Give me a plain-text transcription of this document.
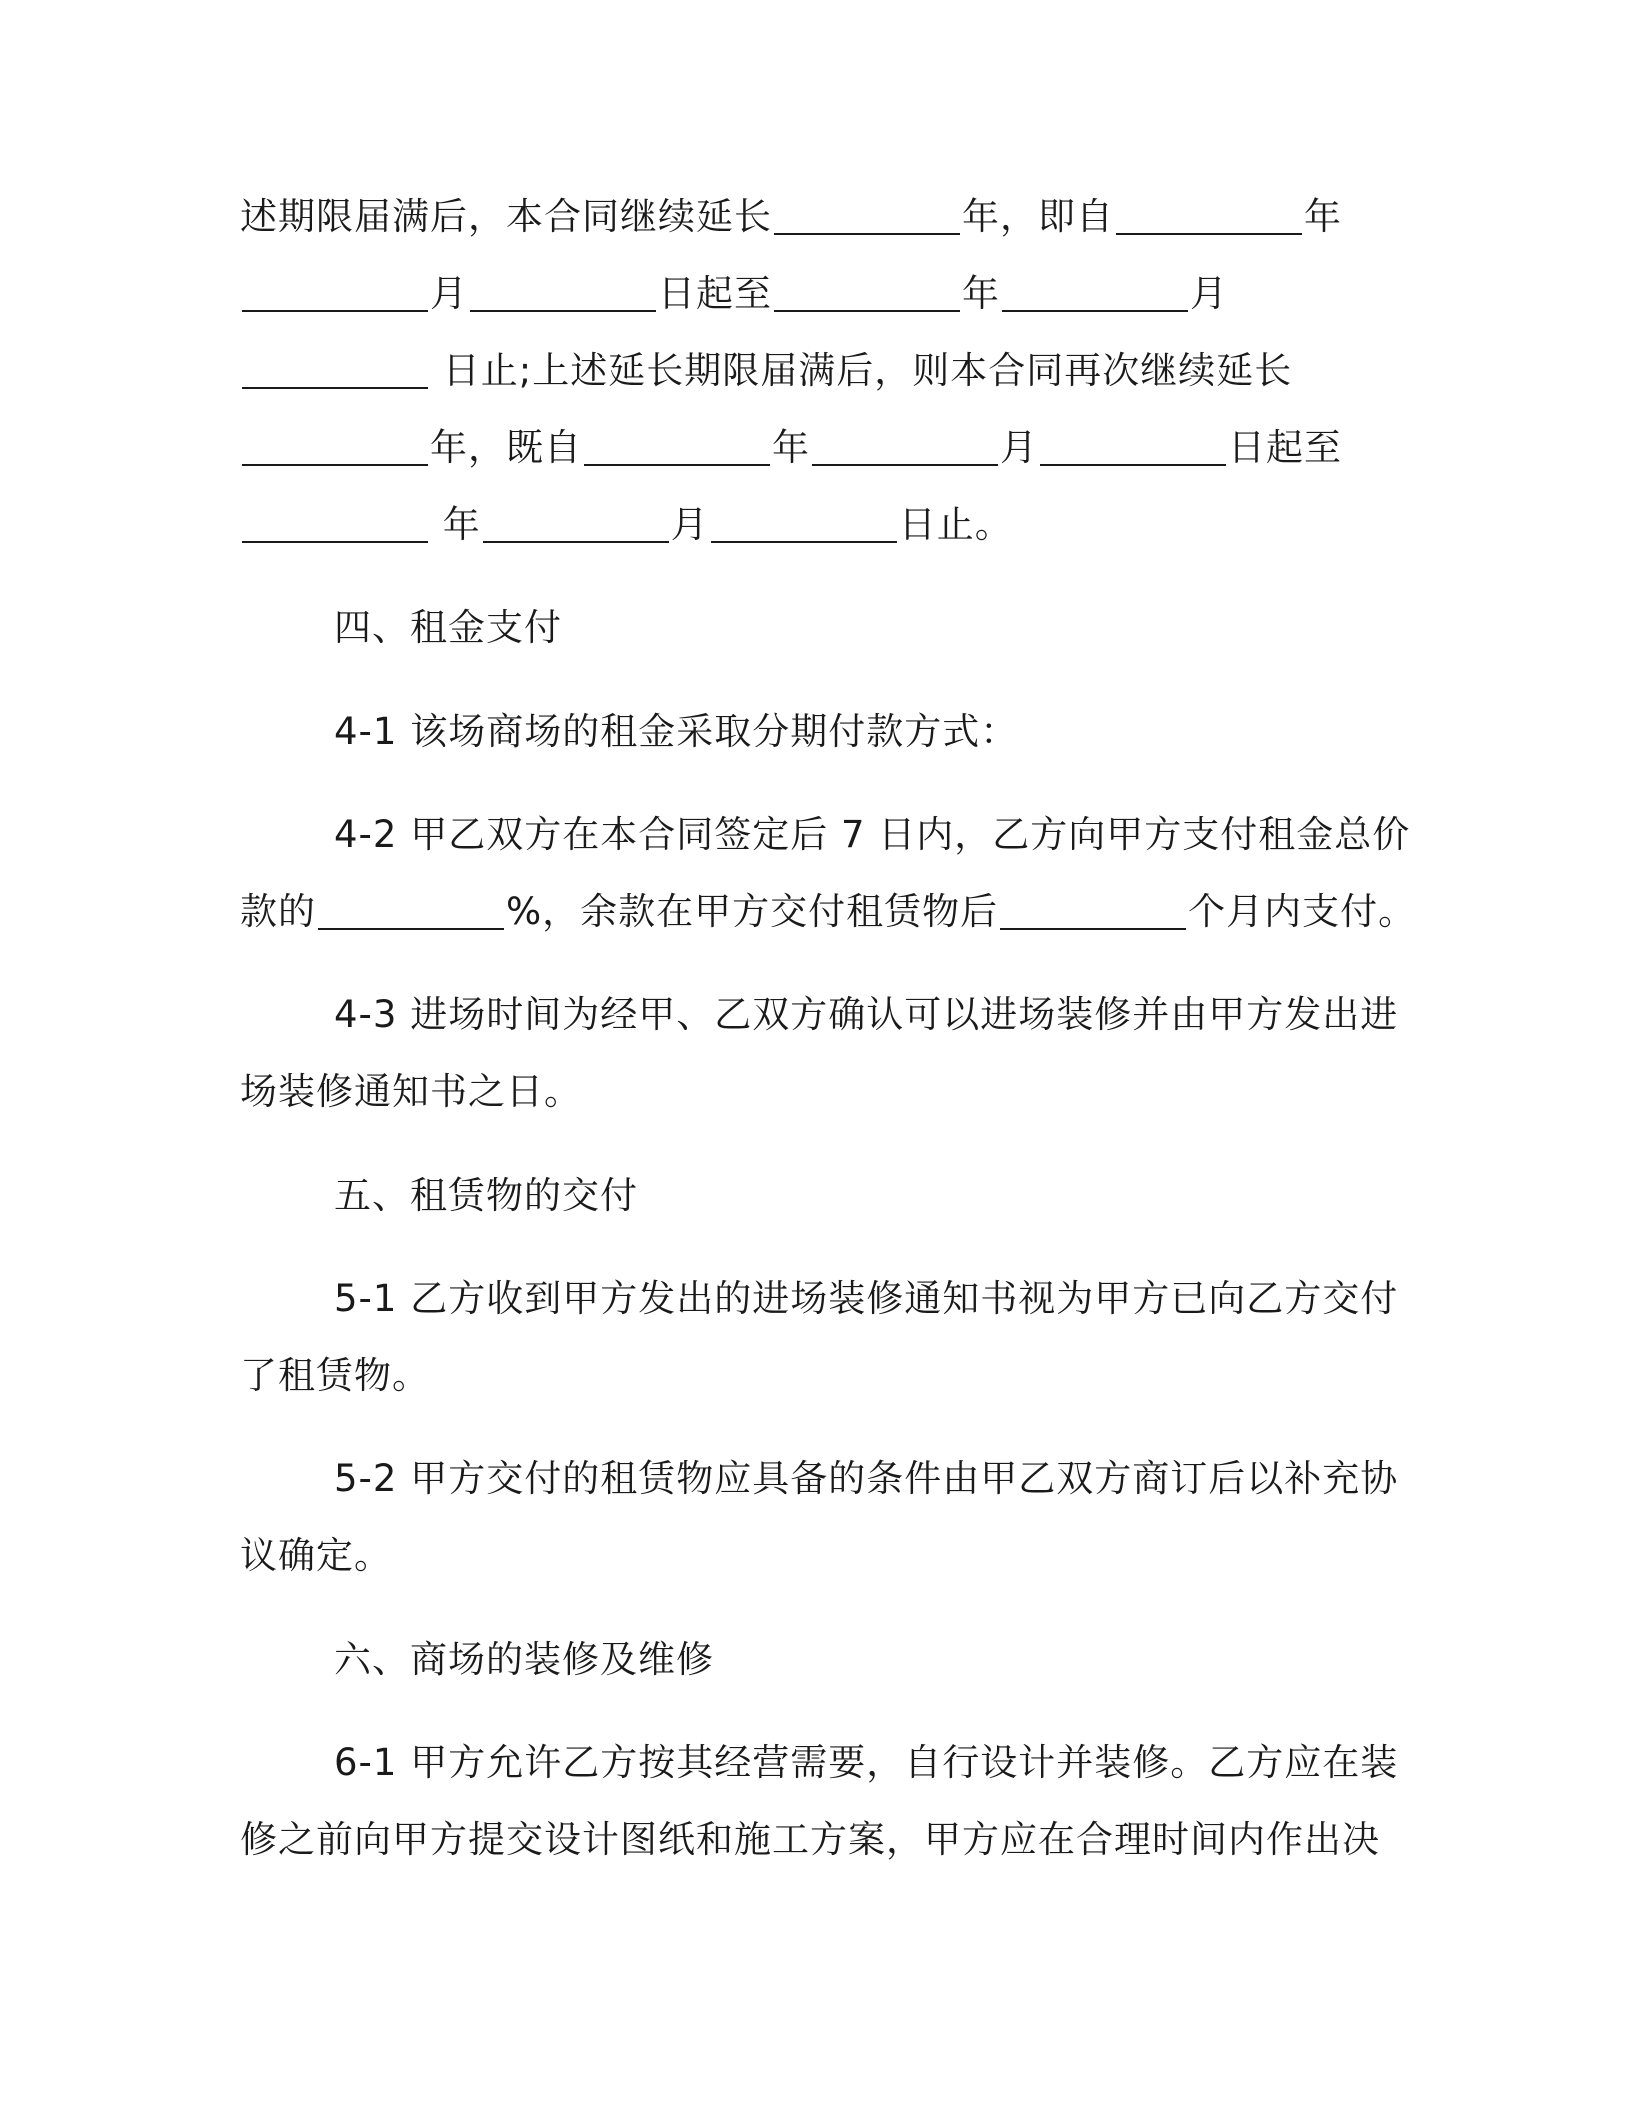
述期限届满后，本合同继续延长	年，即自	年
月	日起至	年	月
日止;上述延长期限届满后，则本合同再次继续延长
年，既自	年	月	日起至
年	月	日止。
四、租金支付
4-1 该场商场的租金采取分期付款方式：
4-2 甲乙双方在本合同签定后 7 日内，乙方向甲方支付租金总价
款的	%，余款在甲方交付租赁物后	个月内支付。
4-3 进场时间为经甲、乙双方确认可以进场装修并由甲方发出进
场装修通知书之日。
五、租赁物的交付
5-1 乙方收到甲方发出的进场装修通知书视为甲方已向乙方交付
了租赁物。
5-2 甲方交付的租赁物应具备的条件由甲乙双方商订后以补充协
议确定。
六、商场的装修及维修
6-1 甲方允许乙方按其经营需要，自行设计并装修。乙方应在装
修之前向甲方提交设计图纸和施工方案，甲方应在合理时间内作出决
